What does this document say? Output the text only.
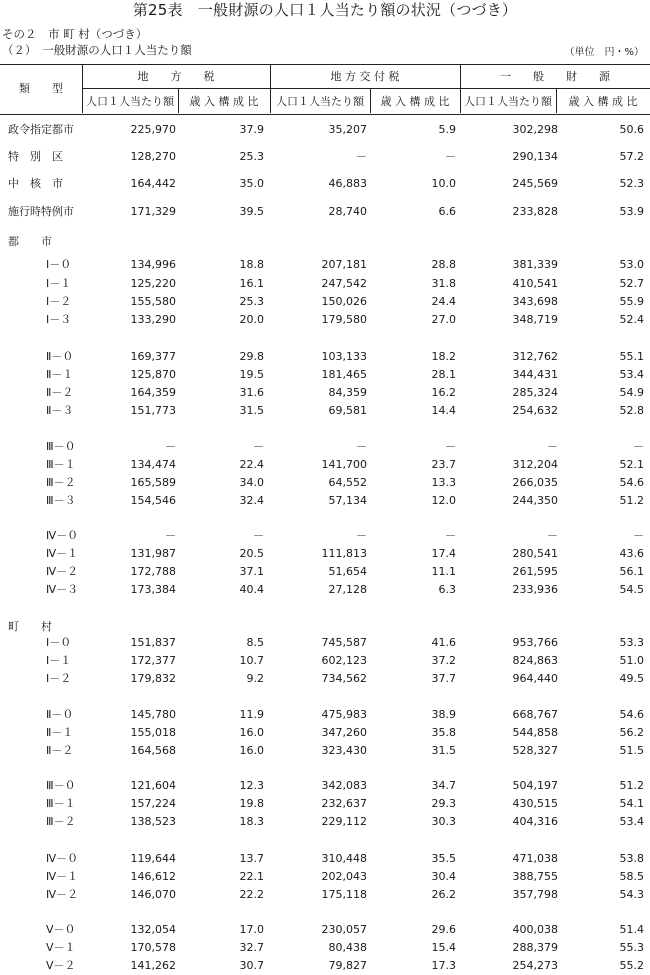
第25表　一般財源の人口１人当たり額の状況（つづき）
その２　市 町 村（つづき）
（２）　一般財源の人口１人当たり額	（単位　円・%）
類　　型
地　　方　　税	地 方 交 付 税	一　　般　　財　　源
人口１人当たり額	歳 入 構 成 比	人口１人当たり額	歳 入 構 成 比	人口１人当たり額	歳 入 構 成 比
政令指定都市	225,970	37.9	35,207	5.9	302,298	50.6
特　別　区	128,270	25.3	－	－	290,134	57.2
中　核　市	164,442	35.0	46,883	10.0	245,569	52.3
施行時特例市	171,329	39.5	28,740	6.6	233,828	53.9
都　　市
Ⅰ－０	134,996	18.8	207,181	28.8	381,339	53.0
Ⅰ－１	125,220	16.1	247,542	31.8	410,541	52.7
Ⅰ－２	155,580	25.3	150,026	24.4	343,698	55.9
Ⅰ－３	133,290	20.0	179,580	27.0	348,719	52.4
Ⅱ－０	169,377	29.8	103,133	18.2	312,762	55.1
Ⅱ－１	125,870	19.5	181,465	28.1	344,431	53.4
Ⅱ－２	164,359	31.6	84,359	16.2	285,324	54.9
Ⅱ－３	151,773	31.5	69,581	14.4	254,632	52.8
Ⅲ－０	－	－	－	－	－	－
Ⅲ－１	134,474	22.4	141,700	23.7	312,204	52.1
Ⅲ－２	165,589	34.0	64,552	13.3	266,035	54.6
Ⅲ－３	154,546	32.4	57,134	12.0	244,350	51.2
Ⅳ－０	－	－	－	－	－	－
Ⅳ－１	131,987	20.5	111,813	17.4	280,541	43.6
Ⅳ－２	172,788	37.1	51,654	11.1	261,595	56.1
Ⅳ－３	173,384	40.4	27,128	6.3	233,936	54.5
町　　村
Ⅰ－０	151,837	8.5	745,587	41.6	953,766	53.3
Ⅰ－１	172,377	10.7	602,123	37.2	824,863	51.0
Ⅰ－２	179,832	9.2	734,562	37.7	964,440	49.5
Ⅱ－０	145,780	11.9	475,983	38.9	668,767	54.6
Ⅱ－１	155,018	16.0	347,260	35.8	544,858	56.2
Ⅱ－２	164,568	16.0	323,430	31.5	528,327	51.5
Ⅲ－０	121,604	12.3	342,083	34.7	504,197	51.2
Ⅲ－１	157,224	19.8	232,637	29.3	430,515	54.1
Ⅲ－２	138,523	18.3	229,112	30.3	404,316	53.4
Ⅳ－０	119,644	13.7	310,448	35.5	471,038	53.8
Ⅳ－１	146,612	22.1	202,043	30.4	388,755	58.5
Ⅳ－２	146,070	22.2	175,118	26.2	357,798	54.3
Ⅴ－０	132,054	17.0	230,057	29.6	400,038	51.4
Ⅴ－１	170,578	32.7	80,438	15.4	288,379	55.3
Ⅴ－２	141,262	30.7	79,827	17.3	254,273	55.2
